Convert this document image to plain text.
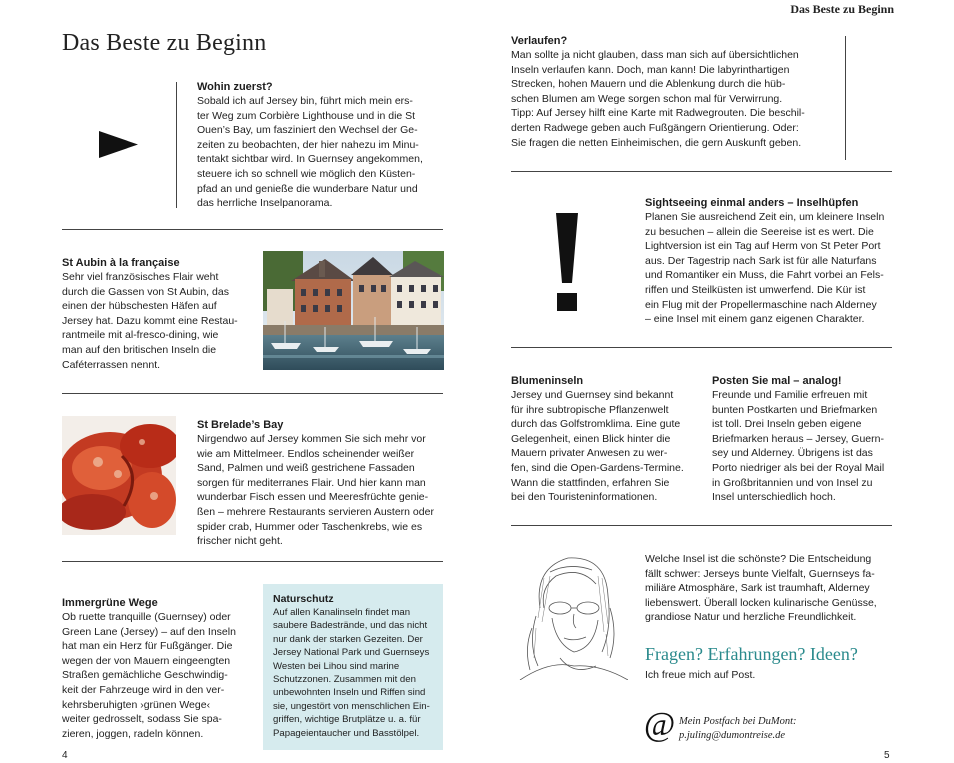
Das Beste zu Beginn
Das Beste zu Beginn
Wohin zuerst?
Sobald ich auf Jersey bin, führt mich mein ers-
ter Weg zum Corbière Lighthouse und in die St
Ouen’s Bay, um fasziniert den Wechsel der Ge-
zeiten zu beobachten, der hier nahezu im Minu-
tentakt sichtbar wird. In Guernsey angekommen,
steuere ich so schnell wie möglich den Küsten-
pfad an und genieße die wunderbare Natur und
das herrliche Inselpanorama.
St Aubin à la française
Sehr viel französisches Flair weht
durch die Gassen von St Aubin, das
einen der hübschesten Häfen auf
Jersey hat. Dazu kommt eine Restau-
rantmeile mit al-fresco-dining, wie
man auf den britischen Inseln die
Caféterrassen nennt.
St Brelade’s Bay
Nirgendwo auf Jersey kommen Sie sich mehr vor
wie am Mittelmeer. Endlos scheinender weißer
Sand, Palmen und weiß gestrichene Fassaden
sorgen für mediterranes Flair. Und hier kann man
wunderbar Fisch essen und Meeresfrüchte genie-
ßen – mehrere Restaurants servieren Austern oder
spider crab, Hummer oder Taschenkrebs, wie es
frischer nicht geht.
Immergrüne Wege
Ob ruette tranquille (Guernsey) oder
Green Lane (Jersey) – auf den Inseln
hat man ein Herz für Fußgänger. Die
wegen der von Mauern eingeengten
Straßen gemächliche Geschwindig-
keit der Fahrzeuge wird in den ver-
kehrsberuhigten ›grünen Wege‹
weiter gedrosselt, sodass Sie spa-
zieren, joggen, radeln können.
Naturschutz
Auf allen Kanalinseln findet man
saubere Badestrände, und das nicht
nur dank der starken Gezeiten. Der
Jersey National Park und Guernseys
Westen bei Lihou sind marine
Schutzzonen. Zusammen mit den
unbewohnten Inseln und Riffen sind
sie, ungestört von menschlichen Ein-
griffen, wichtige Brutplätze u. a. für
Papageientaucher und Basstölpel.
4
Verlaufen?
Man sollte ja nicht glauben, dass man sich auf übersichtlichen
Inseln verlaufen kann. Doch, man kann! Die labyrinthartigen
Strecken, hohen Mauern und die Ablenkung durch die hüb-
schen Blumen am Wege sorgen schon mal für Verwirrung.
Tipp: Auf Jersey hilft eine Karte mit Radwegrouten. Die beschil-
derten Radwege geben auch Fußgängern Orientierung. Oder:
Sie fragen die netten Einheimischen, die gern Auskunft geben.
Sightseeing einmal anders – Inselhüpfen
Planen Sie ausreichend Zeit ein, um kleinere Inseln
zu besuchen – allein die Seereise ist es wert. Die
Lightversion ist ein Tag auf Herm von St Peter Port
aus. Der Tagestrip nach Sark ist für alle Naturfans
und Romantiker ein Muss, die Fahrt vorbei an Fels-
riffen und Steilküsten ist umwerfend. Die Kür ist
ein Flug mit der Propellermaschine nach Alderney
– eine Insel mit einem ganz eigenen Charakter.
Blumeninseln
Jersey und Guernsey sind bekannt
für ihre subtropische Pflanzenwelt
durch das Golfstromklima. Eine gute
Gelegenheit, einen Blick hinter die
Mauern privater Anwesen zu wer-
fen, sind die Open-Gardens-Termine.
Wann die stattfinden, erfahren Sie
bei den Touristeninformationen.
Posten Sie mal – analog!
Freunde und Familie erfreuen mit
bunten Postkarten und Briefmarken
ist toll. Drei Inseln geben eigene
Briefmarken heraus – Jersey, Guern-
sey und Alderney. Übrigens ist das
Porto niedriger als bei der Royal Mail
in Großbritannien und von Insel zu
Insel unterschiedlich hoch.
Welche Insel ist die schönste? Die Entscheidung
fällt schwer: Jerseys bunte Vielfalt, Guernseys fa-
miliäre Atmosphäre, Sark ist traumhaft, Alderney
liebenswert. Überall locken kulinarische Genüsse,
grandiose Natur und herzliche Freundlichkeit.
Fragen? Erfahrungen? Ideen?
Ich freue mich auf Post.
@ Mein Postfach bei DuMont:
p.juling@dumontreise.de
5
